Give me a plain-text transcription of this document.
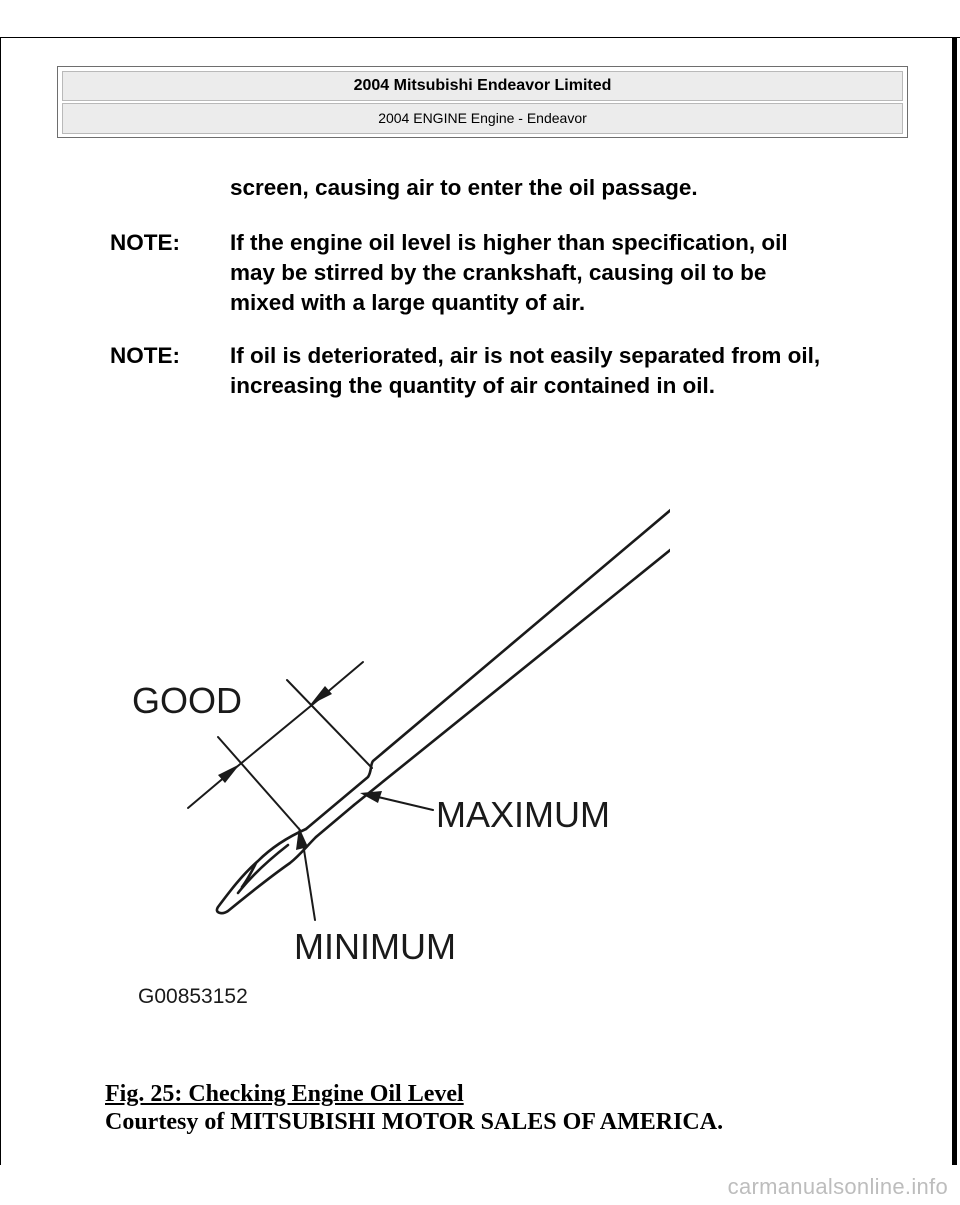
2004 Mitsubishi Endeavor Limited
2004 ENGINE Engine - Endeavor
screen, causing air to enter the oil passage.
NOTE: If the engine oil level is higher than specification, oil
may be stirred by the crankshaft, causing oil to be
mixed with a large quantity of air.
NOTE: If oil is deteriorated, air is not easily separated from oil,
increasing the quantity of air contained in oil.
GOOD
MAXIMUM
MINIMUM
G00853152
Fig. 25: Checking Engine Oil Level
Courtesy of MITSUBISHI MOTOR SALES OF AMERICA.
carmanualsonline.info
